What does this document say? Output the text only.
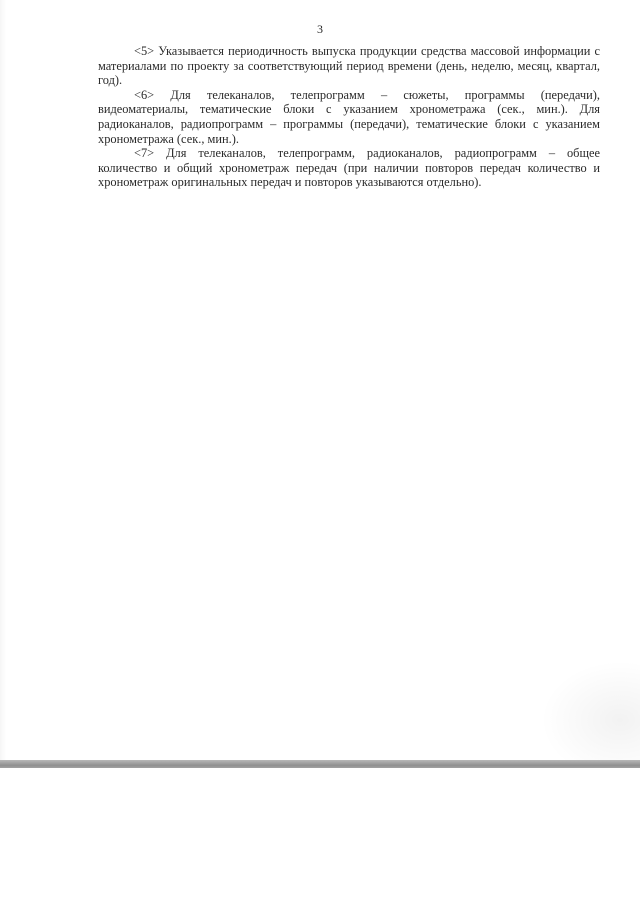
3

<5> Указывается периодичность выпуска продукции средства массовой информации с материалами по проекту за соответствующий период времени (день, неделю, месяц, квартал, год).

<6> Для телеканалов, телепрограмм – сюжеты, программы (передачи), видеоматериалы, тематические блоки с указанием хронометража (сек., мин.). Для радиоканалов, радиопрограмм – программы (передачи), тематические блоки с указанием хронометража (сек., мин.).

<7> Для телеканалов, телепрограмм, радиоканалов, радиопрограмм – общее количество и общий хронометраж передач (при наличии повторов передач количество и хронометраж оригинальных передач и повторов указываются отдельно).
